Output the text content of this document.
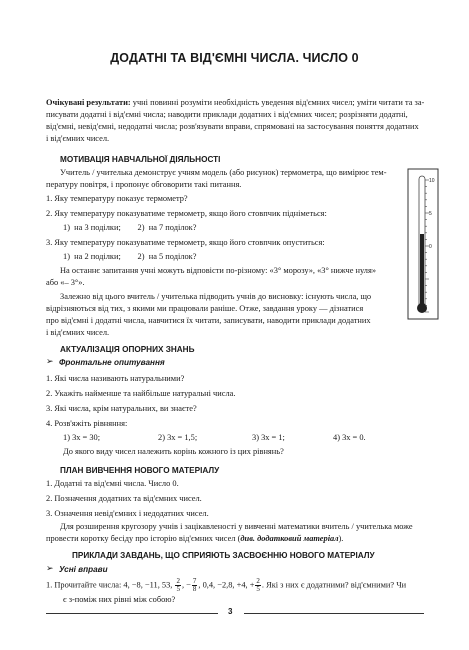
ДОДАТНІ ТА ВІД'ЄМНІ ЧИСЛА. ЧИСЛО 0
Очікувані результати: учні повинні розуміти необхідність уведення від'ємних чисел; уміти читати та за-
писувати додатні і від'ємні числа; наводити приклади додатних і від'ємних чисел; розрізняти додатні,
від'ємні, невід'ємні, недодатні числа; розв'язувати вправи, спрямовані на застосування поняття додатних
і від'ємних чисел.
МОТИВАЦІЯ НАВЧАЛЬНОЇ ДІЯЛЬНОСТІ
Учитель / учителька демонструє учням модель (або рисунок) термометра, що вимірює тем-
пературу повітря, і пропонує обговорити такі питання.
1. Яку температуру показує термометр?
2. Яку температуру показуватиме термометр, якщо його стовпчик підніметься:
1)  на 3 поділки;        2)  на 7 поділок?
3. Яку температуру показуватиме термометр, якщо його стовпчик опуститься:
1)  на 2 поділки;        2)  на 5 поділок?
На останнє запитання учні можуть відповісти по-різному: «3° морозу», «3° нижче нуля»
або «– 3°».
Залежно від цього вчитель / учителька підводить учнів до висновку: існують числа, що
відрізняються від тих, з якими ми працювали раніше. Отже, завдання уроку — дізнатися
про від'ємні і додатні числа, навчитися їх читати, записувати, наводити приклади додатних
і від'ємних чисел.
10
5
0
АКТУАЛІЗАЦІЯ ОПОРНИХ ЗНАНЬ
➢ Фронтальне опитування
1. Які числа називають натуральними?
2. Укажіть найменше та найбільше натуральні числа.
3. Які числа, крім натуральних, ви знаєте?
4. Розв'яжіть рівняння:
1) 3x = 30;	2) 3x = 1,5;	3) 3x = 1;	4) 3x = 0.
До якого виду чисел належить корінь кожного із цих рівнянь?
ПЛАН ВИВЧЕННЯ НОВОГО МАТЕРІАЛУ
1. Додатні та від'ємні числа. Число 0.
2. Позначення додатних та від'ємних чисел.
3. Означення невід'ємних і недодатних чисел.
Для розширення кругозору учнів і зацікавленості у вивченні математики вчитель / учителька може
провести коротку бесіду про історію від'ємних чисел (див. додатковий матеріал).
ПРИКЛАДИ ЗАВДАНЬ, ЩО СПРИЯЮТЬ ЗАСВОЄННЮ НОВОГО МАТЕРІАЛУ
➢ Усні вправи
1. Прочитайте числа: 4, −8, −11, 53, $\frac{2}{5}$ , − $\frac{7}{8}$ , 0,4, −2,8, +4, + $\frac{2}{5}$ . Які з них є додатними? від'ємними? Чи
є з-поміж них рівні між собою?
3
